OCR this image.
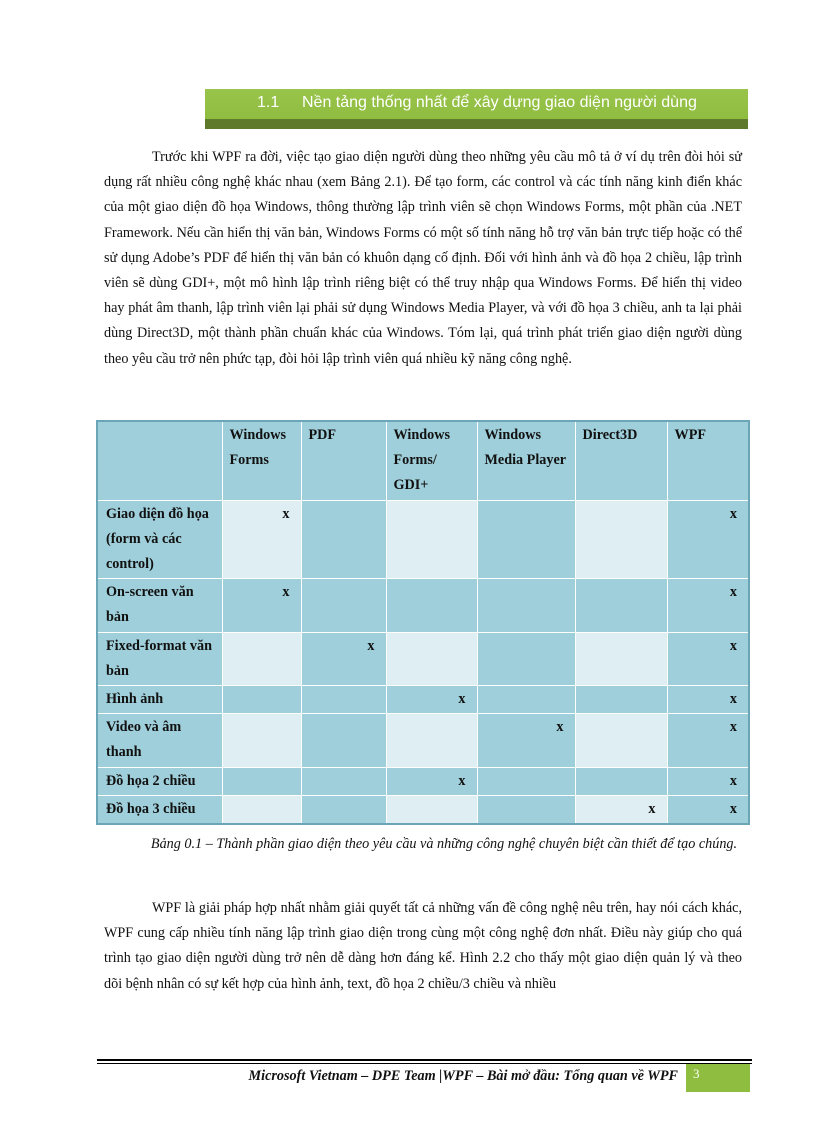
1.1 Nền tảng thống nhất để xây dựng giao diện người dùng

Trước khi WPF ra đời, việc tạo giao diện người dùng theo những yêu cầu mô tả ở ví dụ trên đòi hỏi sử dụng rất nhiều công nghệ khác nhau (xem Bảng 2.1). Để tạo form, các control và các tính năng kinh điển khác của một giao diện đồ họa Windows, thông thường lập trình viên sẽ chọn Windows Forms, một phần của .NET Framework. Nếu cần hiển thị văn bản, Windows Forms có một số tính năng hỗ trợ văn bản trực tiếp hoặc có thể sử dụng Adobe’s PDF để hiển thị văn bản có khuôn dạng cố định. Đối với hình ảnh và đồ họa 2 chiều, lập trình viên sẽ dùng GDI+, một mô hình lập trình riêng biệt có thể truy nhập qua Windows Forms. Để hiển thị video hay phát âm thanh, lập trình viên lại phải sử dụng Windows Media Player, và với đồ họa 3 chiều, anh ta lại phải dùng Direct3D, một thành phần chuẩn khác của Windows. Tóm lại, quá trình phát triển giao diện người dùng theo yêu cầu trở nên phức tạp, đòi hỏi lập trình viên quá nhiều kỹ năng công nghệ.

	Windows Forms	PDF	Windows Forms/ GDI+	Windows Media Player	Direct3D	WPF
Giao diện đồ họa (form và các control)	x					x
On-screen văn bản	x					x
Fixed-format văn bản		x				x
Hình ảnh			x			x
Video và âm thanh				x		x
Đồ họa 2 chiều			x			x
Đồ họa 3 chiều					x	x

Bảng 0.1 – Thành phần giao diện theo yêu cầu và những công nghệ chuyên biệt cần thiết để tạo chúng.

WPF là giải pháp hợp nhất nhằm giải quyết tất cả những vấn đề công nghệ nêu trên, hay nói cách khác, WPF cung cấp nhiều tính năng lập trình giao diện trong cùng một công nghệ đơn nhất. Điều này giúp cho quá trình tạo giao diện người dùng trở nên dễ dàng hơn đáng kể. Hình 2.2 cho thấy một giao diện quản lý và theo dõi bệnh nhân có sự kết hợp của hình ảnh, text, đồ họa 2 chiều/3 chiều và nhiều

Microsoft Vietnam – DPE Team |WPF – Bài mở đầu: Tổng quan về WPF	3
